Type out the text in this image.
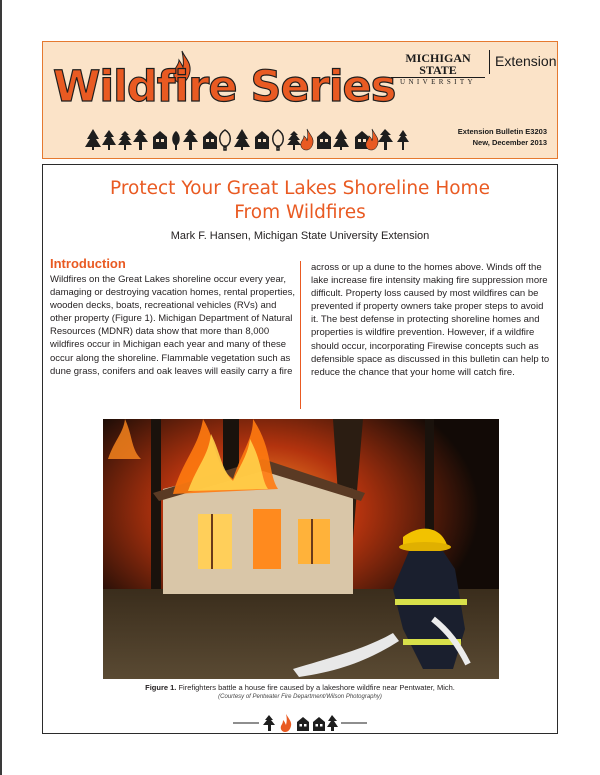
Wildfire Series
MICHIGAN STATE
UNIVERSITY
Extension
Extension Bulletin E3203
New, December 2013
Protect Your Great Lakes Shoreline Home
From Wildfires
Mark F. Hansen, Michigan State University Extension
Introduction

Wildfires on the Great Lakes shoreline occur every year, damaging or destroying vacation homes, rental properties, wooden decks, boats, recreational vehicles (RVs) and other property (Figure 1). Michigan Department of Natural Resources (MDNR) data show that more than 8,000 wildfires occur in Michigan each year and many of these occur along the shoreline. Flammable vegetation such as dune grass, conifers and oak leaves will easily carry a fire

across or up a dune to the homes above. Winds off the lake increase fire intensity making fire suppression more difficult. Property loss caused by most wildfires can be prevented if property owners take proper steps to avoid it. The best defense in protecting shoreline homes and properties is wildfire prevention. However, if a wildfire should occur, incorporating Firewise concepts such as defensible space as discussed in this bulletin can help to reduce the chance that your home will catch fire.

Figure 1. Firefighters battle a house fire caused by a lakeshore wildfire near Pentwater, Mich.
(Courtesy of Pentwater Fire Department/Wilson Photography)
